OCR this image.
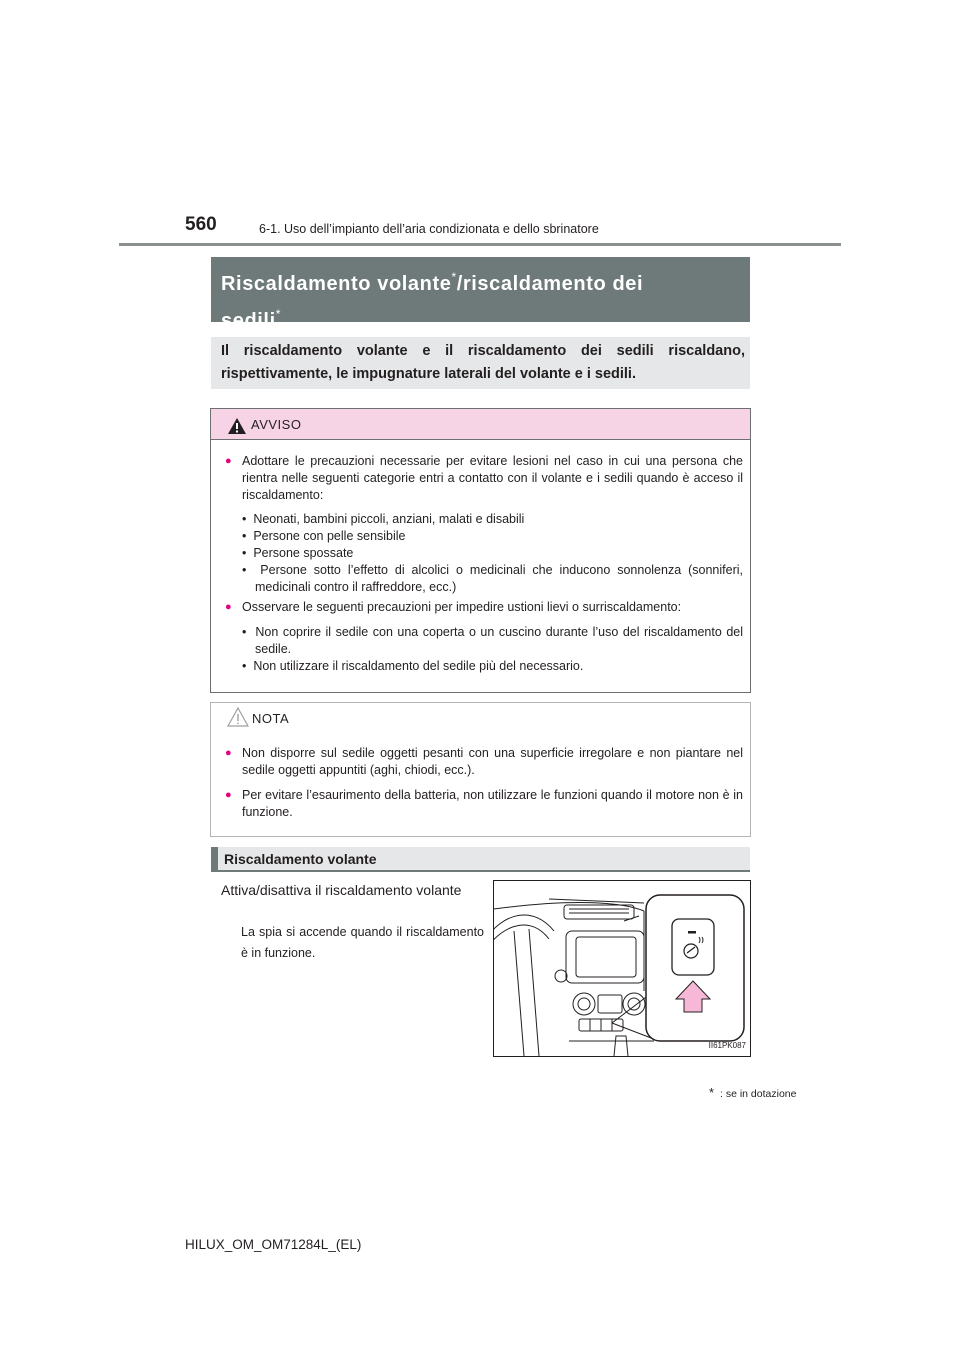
560	6-1. Uso dell’impianto dell’aria condizionata e dello sbrinatore
Riscaldamento volante*/riscaldamento dei
sedili*
Il riscaldamento volante e il riscaldamento dei sedili riscaldano, rispettivamente, le impugnature laterali del volante e i sedili.
AVVISO
● Adottare le precauzioni necessarie per evitare lesioni nel caso in cui una persona che rientra nelle seguenti categorie entri a contatto con il volante e i sedili quando è acceso il riscaldamento:
•  Neonati, bambini piccoli, anziani, malati e disabili
•  Persone con pelle sensibile
•  Persone spossate
•  Persone sotto l’effetto di alcolici o medicinali che inducono sonnolenza (sonniferi, medicinali contro il raffreddore, ecc.)
● Osservare le seguenti precauzioni per impedire ustioni lievi o surriscaldamento:
•  Non coprire il sedile con una coperta o un cuscino durante l’uso del riscaldamento del sedile.
•  Non utilizzare il riscaldamento del sedile più del necessario.
NOTA
● Non disporre sul sedile oggetti pesanti con una superficie irregolare e non piantare nel sedile oggetti appuntiti (aghi, chiodi, ecc.).
● Per evitare l’esaurimento della batteria, non utilizzare le funzioni quando il motore non è in funzione.
Riscaldamento volante
Attiva/disattiva il riscaldamento volante
La spia si accende quando il riscaldamento è in funzione.
II61PK087
* : se in dotazione
HILUX_OM_OM71284L_(EL)
